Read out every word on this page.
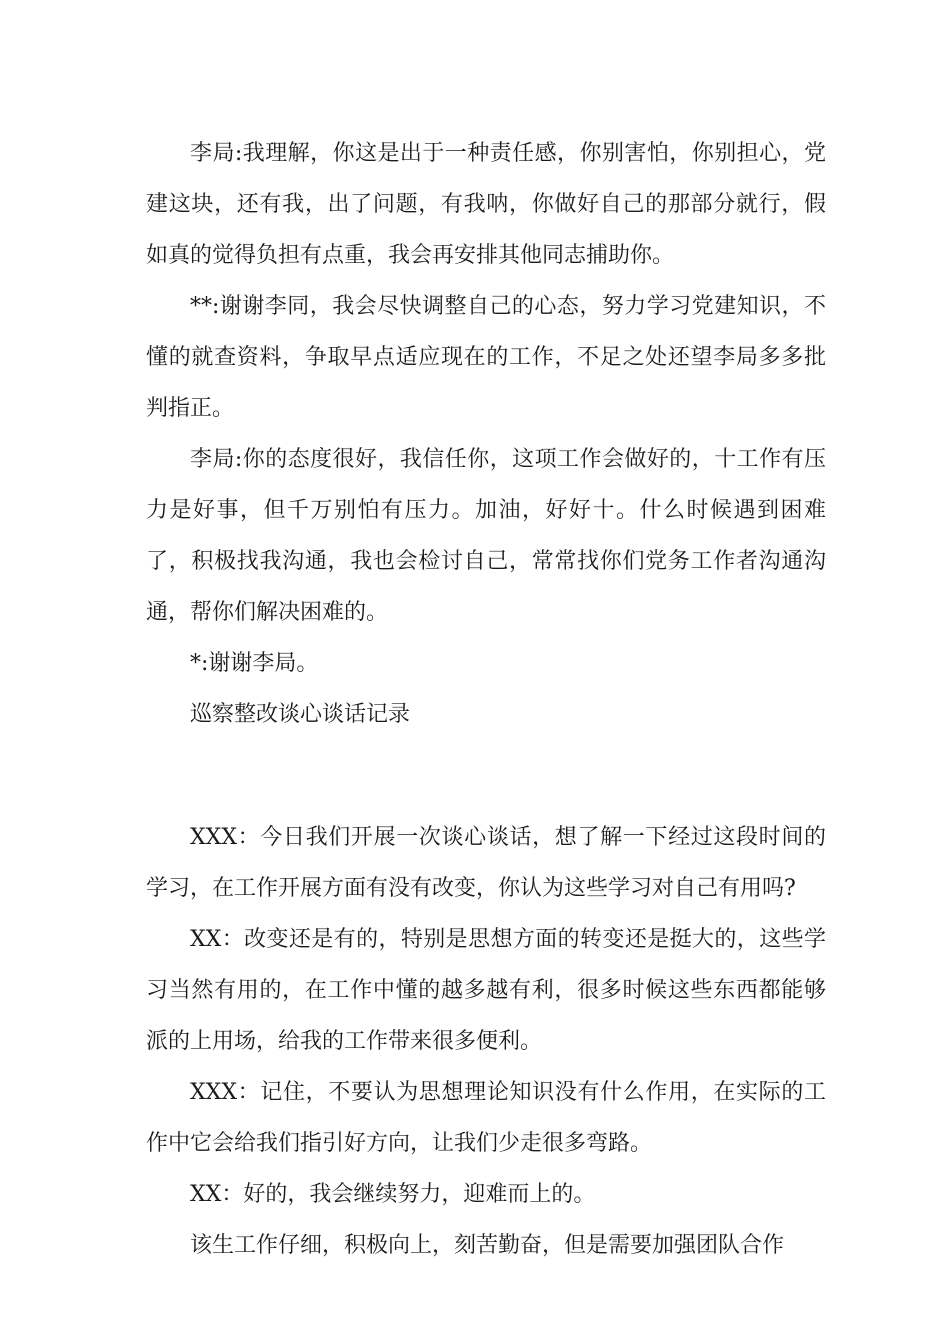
李局:我理解，你这是出于一种责任感，你别害怕，你别担心，党建这块，还有我，出了问题，有我呐，你做好自己的那部分就行，假如真的觉得负担有点重，我会再安排其他同志捕助你。

**:谢谢李同，我会尽快调整自己的心态，努力学习党建知识，不懂的就查资料，争取早点适应现在的工作，不足之处还望李局多多批判指正。

李局:你的态度很好，我信任你，这项工作会做好的，十工作有压力是好事，但千万别怕有压力。加油，好好十。什么时候遇到困难了，积极找我沟通，我也会检讨自己，常常找你们党务工作者沟通沟通，帮你们解决困难的。

*:谢谢李局。

巡察整改谈心谈话记录

XXX：今日我们开展一次谈心谈话，想了解一下经过这段时间的学习，在工作开展方面有没有改变，你认为这些学习对自己有用吗?

XX：改变还是有的，特别是思想方面的转变还是挺大的，这些学习当然有用的，在工作中懂的越多越有利，很多时候这些东西都能够派的上用场，给我的工作带来很多便利。

XXX：记住，不要认为思想理论知识没有什么作用，在实际的工作中它会给我们指引好方向，让我们少走很多弯路。

XX：好的，我会继续努力，迎难而上的。

该生工作仔细，积极向上，刻苦勤奋，但是需要加强团队合作
